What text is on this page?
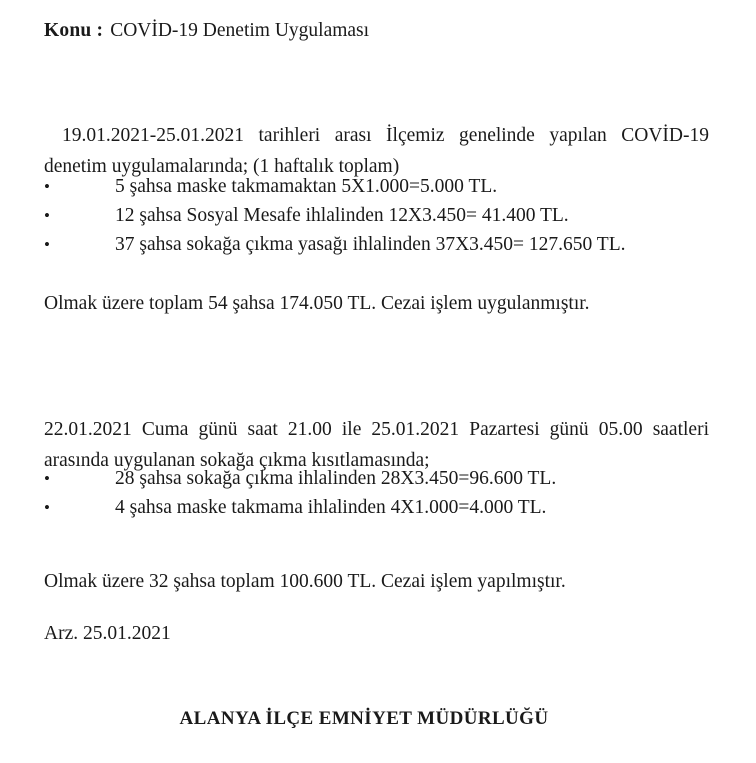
Konu : COVİD-19 Denetim Uygulaması

19.01.2021-25.01.2021 tarihleri arası İlçemiz genelinde yapılan COVİD-19 denetim uygulamalarında; (1 haftalık toplam)

•	5 şahsa maske takmamaktan 5X1.000=5.000 TL.
•	12 şahsa Sosyal Mesafe ihlalinden 12X3.450= 41.400 TL.
•	37 şahsa sokağa çıkma yasağı ihlalinden 37X3.450= 127.650 TL.

Olmak üzere toplam 54 şahsa 174.050 TL. Cezai işlem uygulanmıştır.

22.01.2021 Cuma günü saat 21.00 ile 25.01.2021 Pazartesi günü 05.00 saatleri arasında uygulanan sokağa çıkma kısıtlamasında;

•	28 şahsa sokağa çıkma ihlalinden 28X3.450=96.600 TL.
•	4 şahsa maske takmama ihlalinden 4X1.000=4.000 TL.

Olmak üzere 32 şahsa toplam 100.600 TL. Cezai işlem yapılmıştır.

Arz. 25.01.2021

ALANYA İLÇE EMNİYET MÜDÜRLÜĞÜ
